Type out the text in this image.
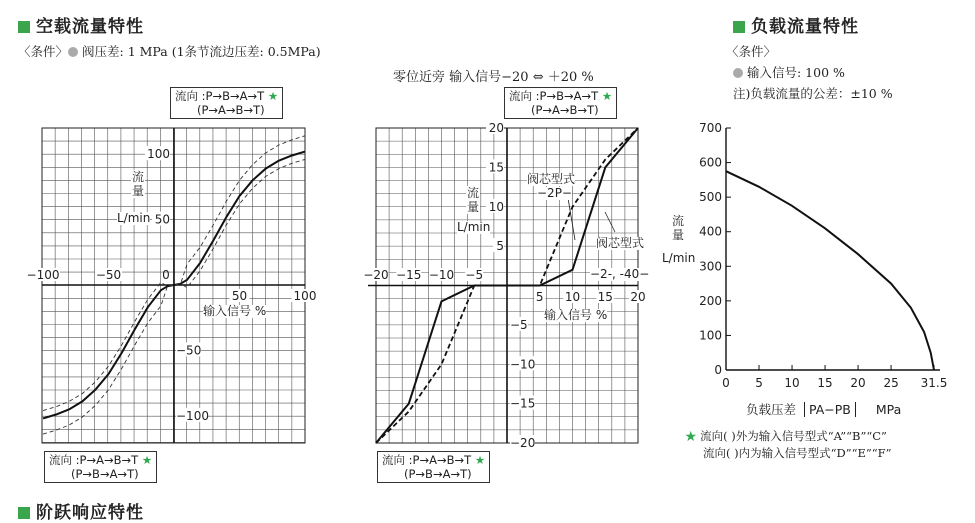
空载流量特性
〈条件〉 阀压差: 1 MPa (1条节流边压差: 0.5MPa)
负载流量特性
〈条件〉
输入信号: 100 %
注)负载流量的公差：±10 %
阶跃响应特性
零位近旁 输入信号−20 ⇔ ＋20 %
−100	−50	0
50	100
−100
−50
50
100
−20 −15 −10 −5
5 10 15 20
−20
−15
−10
−5
5
10
15
20
0
100
200
300
400
500
600
700
0 5 10 15 20 25 31.5
流
量
L/min
输入信号 %
流向 :P→B→A→T ★
(P→A→B→T)
流向 :P→A→B→T ★
(P→B→A→T)
流向 :P→B→A→T ★
(P→A→B→T)
流向 :P→A→B→T ★
(P→B→A→T)
流
量
L/min
输入信号 %
阀芯型式
−2P−
阀芯型式
−2-, -40−
流
量
L/min
负载压差 PA−PB MPa
★ 流向( )外为输入信号型式“A”“B”“C”
流向( )内为输入信号型式“D”“E”“F”
